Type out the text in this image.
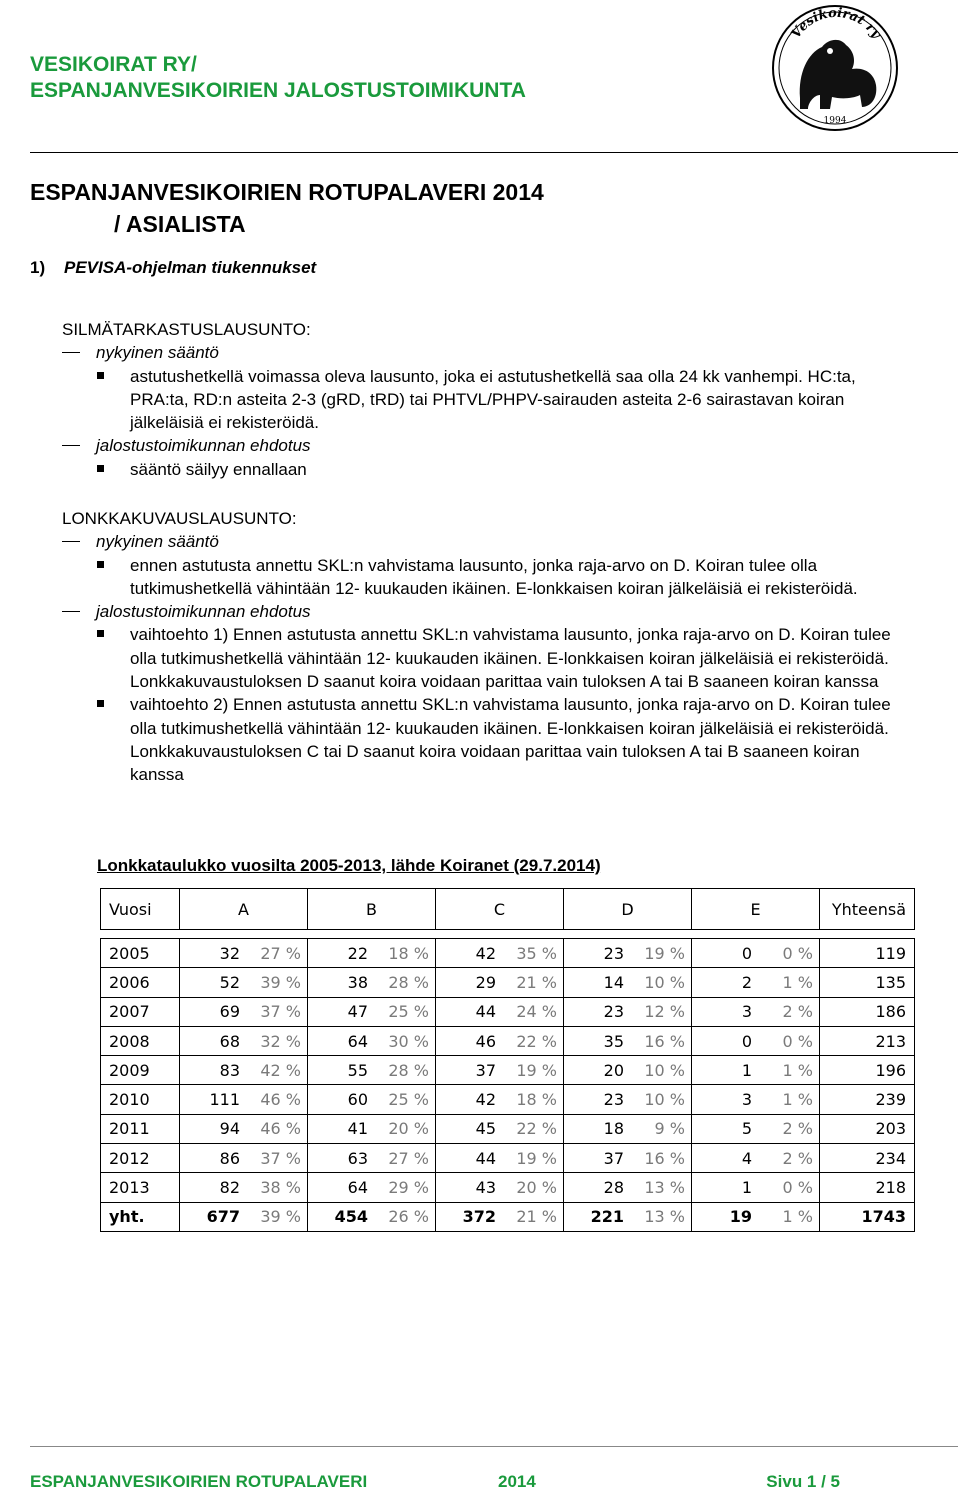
VESIKOIRAT RY/
ESPANJANVESIKOIRIEN JALOSTUSTOIMIKUNTA
Vesikoirat ry
1994
ESPANJANVESIKOIRIEN ROTUPALAVERI 2014
/ ASIALISTA
1) PEVISA-ohjelman tiukennukset
SILMÄTARKASTUSLAUSUNTO:
nykyinen sääntö
astutushetkellä voimassa oleva lausunto, joka ei astutushetkellä saa olla 24 kk vanhempi. HC:ta, PRA:ta, RD:n asteita 2-3 (gRD, tRD) tai PHTVL/PHPV-sairauden asteita 2-6 sairastavan koiran jälkeläisiä ei rekisteröidä.
jalostustoimikunnan ehdotus
sääntö säilyy ennallaan
LONKKAKUVAUSLAUSUNTO:
nykyinen sääntö
ennen astutusta annettu SKL:n vahvistama lausunto, jonka raja-arvo on D. Koiran tulee olla tutkimushetkellä vähintään 12- kuukauden ikäinen. E-lonkkaisen koiran jälkeläisiä ei rekisteröidä.
jalostustoimikunnan ehdotus
vaihtoehto 1) Ennen astutusta annettu SKL:n vahvistama lausunto, jonka raja-arvo on D. Koiran tulee olla tutkimushetkellä vähintään 12- kuukauden ikäinen. E-lonkkaisen koiran jälkeläisiä ei rekisteröidä. Lonkkakuvaustuloksen D saanut koira voidaan parittaa vain tuloksen A tai B saaneen koiran kanssa
vaihtoehto 2) Ennen astutusta annettu SKL:n vahvistama lausunto, jonka raja-arvo on D. Koiran tulee olla tutkimushetkellä vähintään 12- kuukauden ikäinen. E-lonkkaisen koiran jälkeläisiä ei rekisteröidä. Lonkkakuvaustuloksen C tai D saanut koira voidaan parittaa vain tuloksen A tai B saaneen koiran kanssa
Lonkkataulukko vuosilta 2005-2013, lähde Koiranet (29.7.2014)
Vuosi	A		B		C		D		E		Yhteensä

2005	32	27 %	22	18 %	42	35 %	23	19 %	0	0 %	119
2006	52	39 %	38	28 %	29	21 %	14	10 %	2	1 %	135
2007	69	37 %	47	25 %	44	24 %	23	12 %	3	2 %	186
2008	68	32 %	64	30 %	46	22 %	35	16 %	0	0 %	213
2009	83	42 %	55	28 %	37	19 %	20	10 %	1	1 %	196
2010	111	46 %	60	25 %	42	18 %	23	10 %	3	1 %	239
2011	94	46 %	41	20 %	45	22 %	18	9 %	5	2 %	203
2012	86	37 %	63	27 %	44	19 %	37	16 %	4	2 %	234
2013	82	38 %	64	29 %	43	20 %	28	13 %	1	0 %	218
yht.	677	39 %	454	26 %	372	21 %	221	13 %	19	1 %	1743
ESPANJANVESIKOIRIEN ROTUPALAVERI	2014	Sivu 1 / 5
